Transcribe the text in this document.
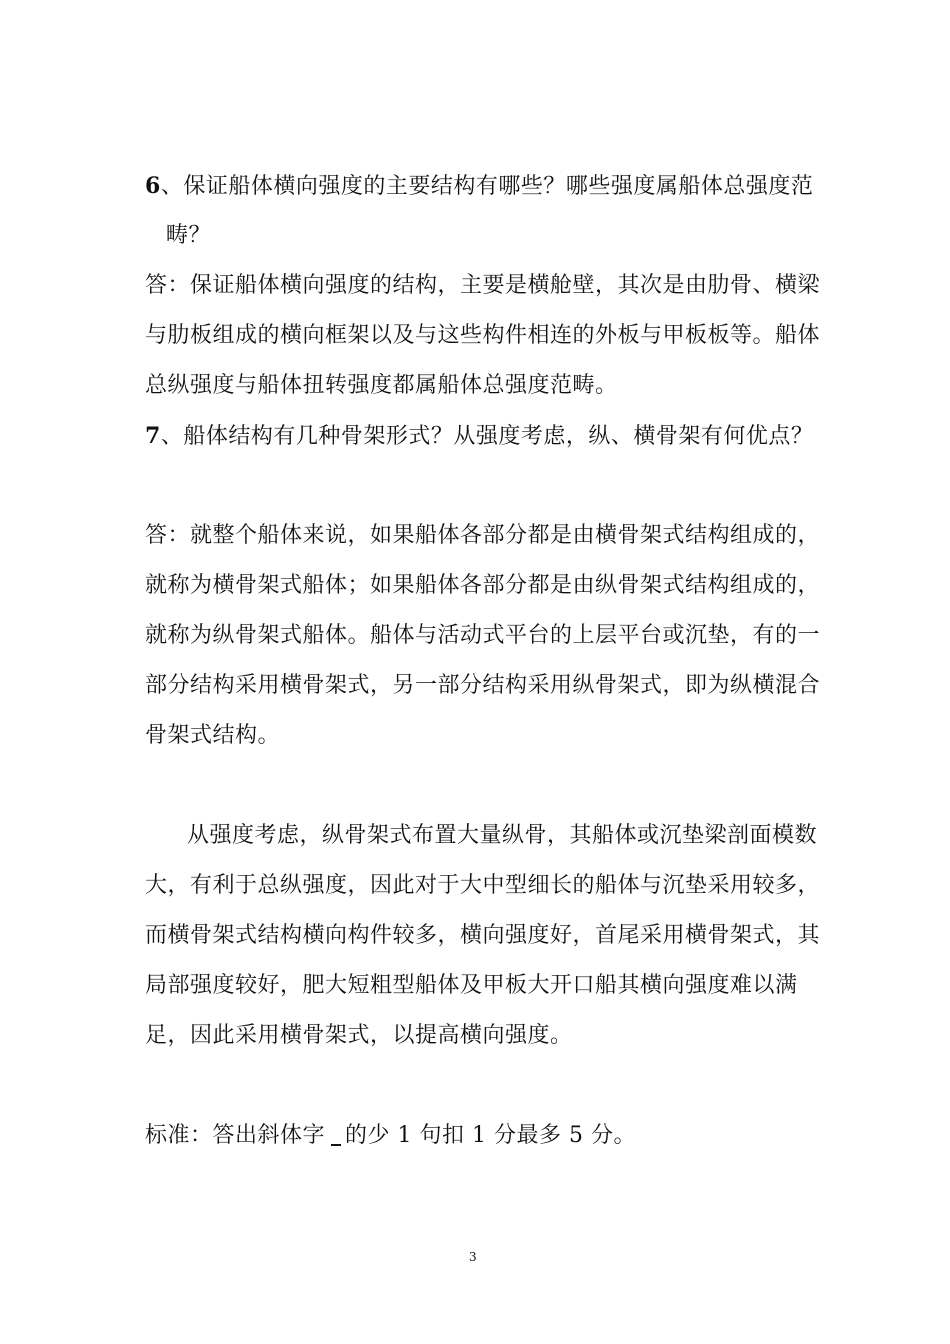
6、保证船体横向强度的主要结构有哪些？哪些强度属船体总强度范
畴？
答：保证船体横向强度的结构，主要是横舱壁，其次是由肋骨、横梁
与肋板组成的横向框架以及与这些构件相连的外板与甲板板等。船体
总纵强度与船体扭转强度都属船体总强度范畴。
7、船体结构有几种骨架形式？从强度考虑，纵、横骨架有何优点？
答：就整个船体来说，如果船体各部分都是由横骨架式结构组成的，
就称为横骨架式船体；如果船体各部分都是由纵骨架式结构组成的，
就称为纵骨架式船体。船体与活动式平台的上层平台或沉垫，有的一
部分结构采用横骨架式，另一部分结构采用纵骨架式，即为纵横混合
骨架式结构。
从强度考虑，纵骨架式布置大量纵骨，其船体或沉垫梁剖面模数
大，有利于总纵强度，因此对于大中型细长的船体与沉垫采用较多，
而横骨架式结构横向构件较多，横向强度好，首尾采用横骨架式，其
局部强度较好，肥大短粗型船体及甲板大开口船其横向强度难以满
足，因此采用横骨架式，以提高横向强度。
标准：答出斜体字 的少 1 句扣 1 分最多 5 分。
3
